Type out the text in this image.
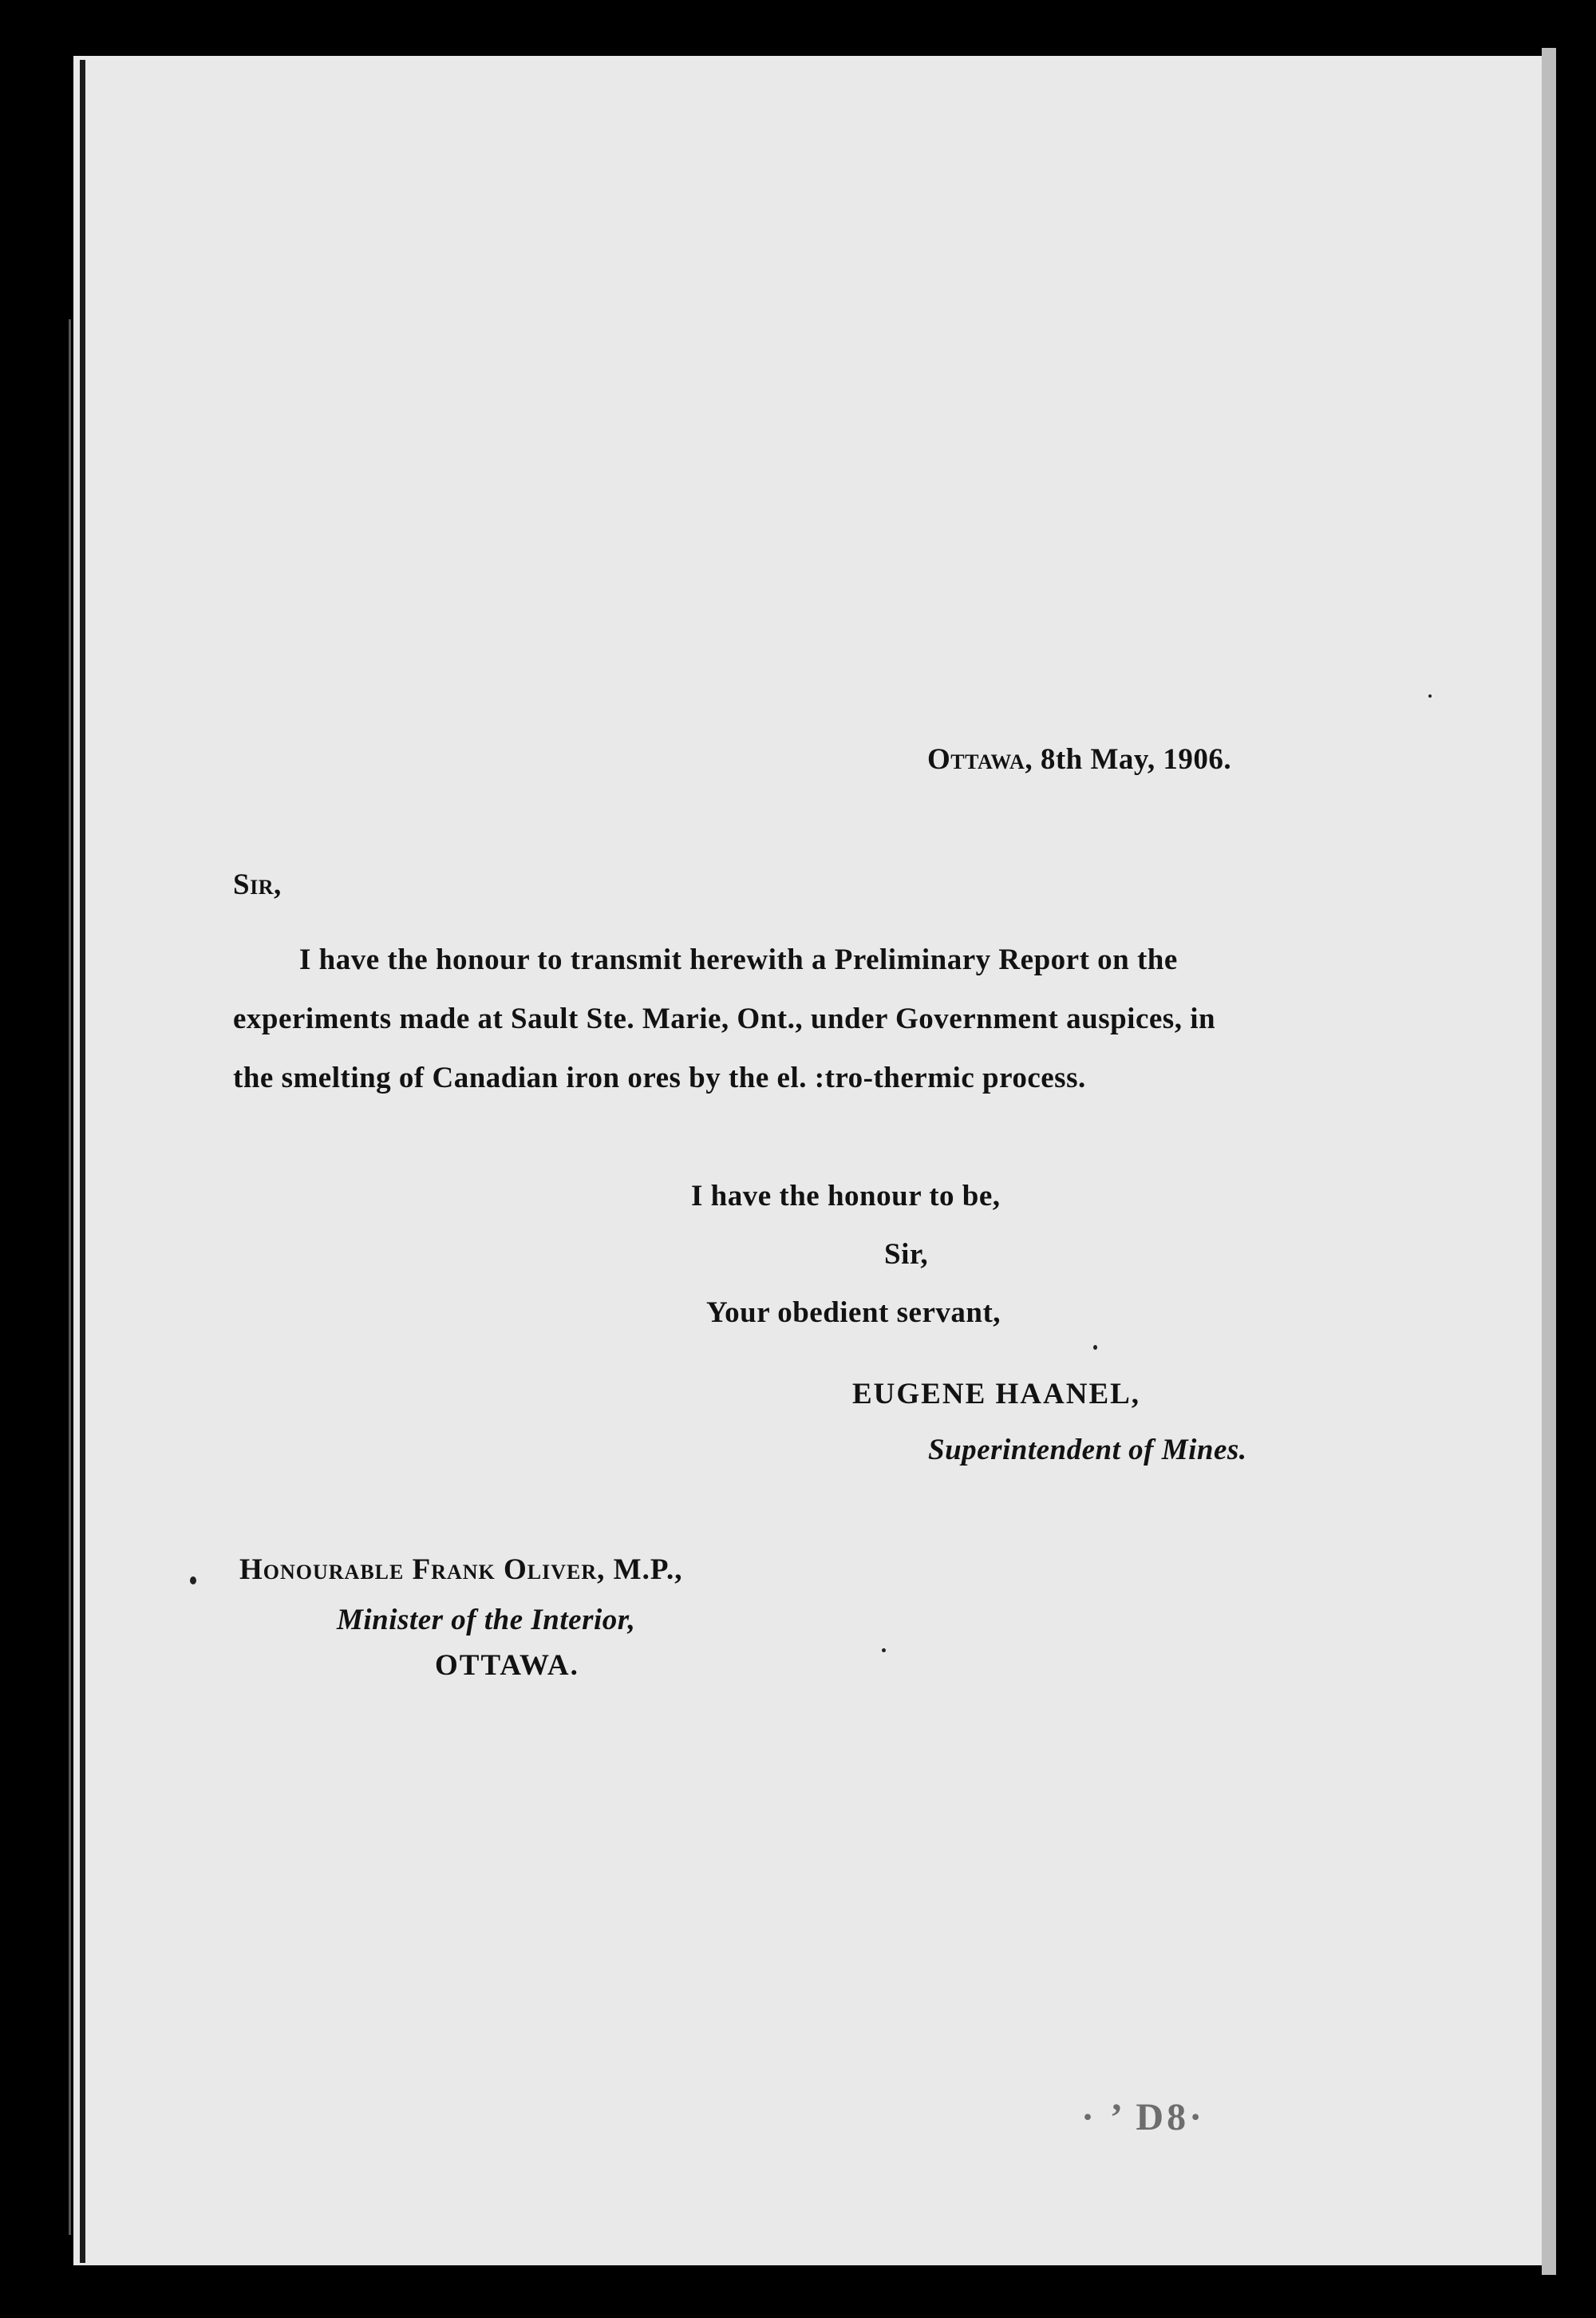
Ottawa, 8th May, 1906.
Sir,
I have the honour to transmit herewith a Preliminary Report on the
experiments made at Sault Ste. Marie, Ont., under Government auspices, in
the smelting of Canadian iron ores by the el. :tro-thermic process.
I have the honour to be,
Sir,
Your obedient servant,
EUGENE HAANEL,
Superintendent of Mines.
Honourable Frank Oliver, M.P.,
Minister of the Interior,
OTTAWA.
· ’ D8·
